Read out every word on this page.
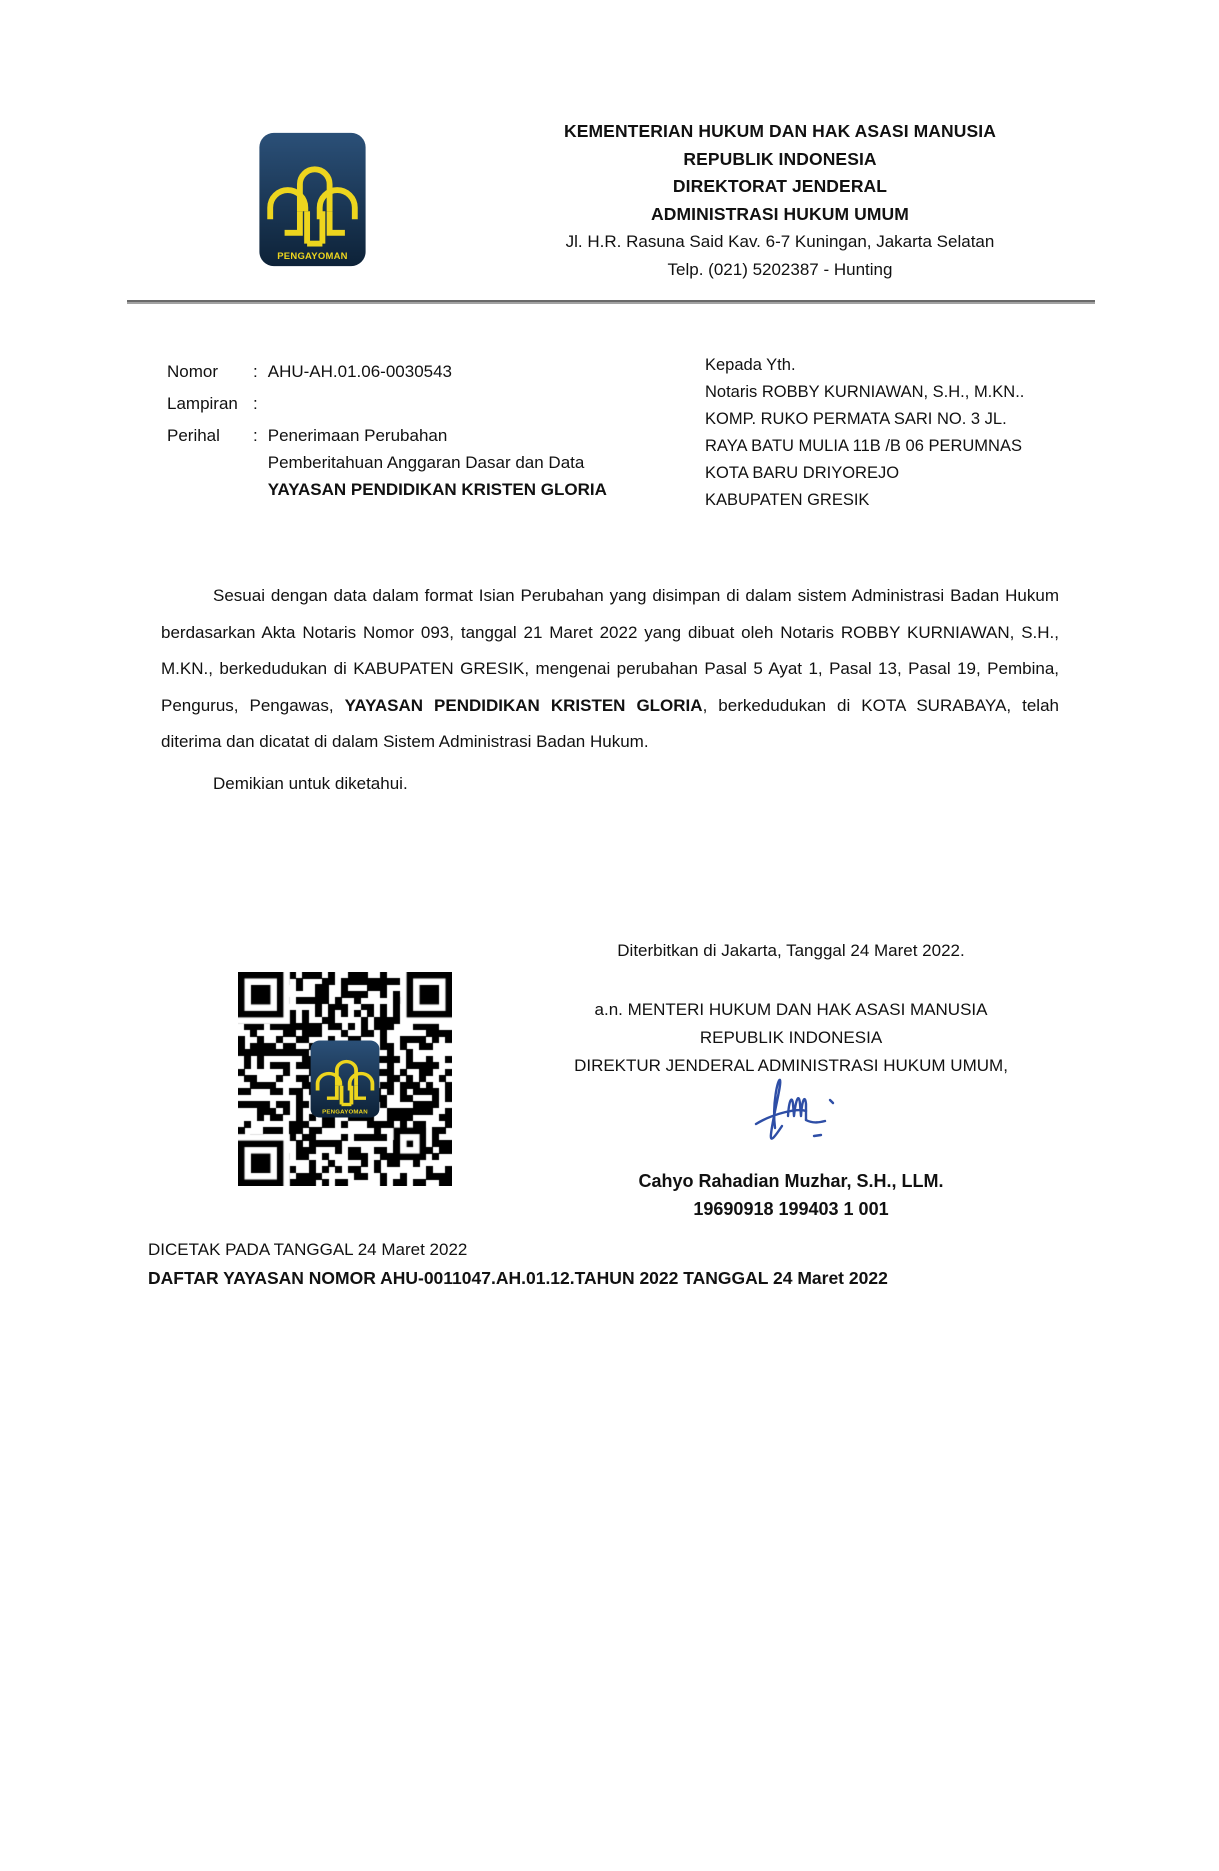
KEMENTERIAN HUKUM DAN HAK ASASI MANUSIA
REPUBLIK INDONESIA
DIREKTORAT JENDERAL
ADMINISTRASI HUKUM UMUM
Jl. H.R. Rasuna Said Kav. 6-7 Kuningan, Jakarta Selatan
Telp. (021) 5202387 - Hunting
Nomor	: AHU-AH.01.06-0030543
Lampiran :
Perihal	: Penerimaan Perubahan
Pemberitahuan Anggaran Dasar dan Data
YAYASAN PENDIDIKAN KRISTEN GLORIA
Kepada Yth.
Notaris ROBBY KURNIAWAN, S.H., M.KN..
KOMP. RUKO PERMATA SARI NO. 3 JL.
RAYA BATU MULIA 11B /B 06 PERUMNAS
KOTA BARU DRIYOREJO
KABUPATEN GRESIK

Sesuai dengan data dalam format Isian Perubahan yang disimpan di dalam sistem Administrasi Badan Hukum berdasarkan Akta Notaris Nomor 093, tanggal 21 Maret 2022 yang dibuat oleh Notaris ROBBY KURNIAWAN, S.H., M.KN., berkedudukan di KABUPATEN GRESIK, mengenai perubahan Pasal 5 Ayat 1, Pasal 13, Pasal 19, Pembina, Pengurus, Pengawas, YAYASAN PENDIDIKAN KRISTEN GLORIA, berkedudukan di KOTA SURABAYA, telah diterima dan dicatat di dalam Sistem Administrasi Badan Hukum.

Demikian untuk diketahui.

Diterbitkan di Jakarta, Tanggal 24 Maret 2022.
a.n. MENTERI HUKUM DAN HAK ASASI MANUSIA
REPUBLIK INDONESIA
DIREKTUR JENDERAL ADMINISTRASI HUKUM UMUM,
Cahyo Rahadian Muzhar, S.H., LLM.
19690918 199403 1 001
DICETAK PADA TANGGAL 24 Maret 2022
DAFTAR YAYASAN NOMOR AHU-0011047.AH.01.12.TAHUN 2022 TANGGAL 24 Maret 2022
